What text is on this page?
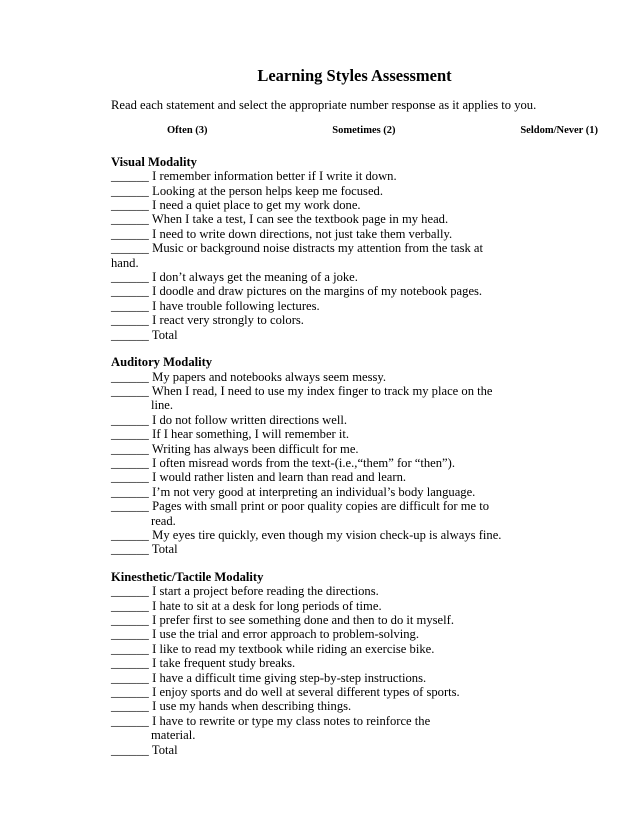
Learning Styles Assessment
Read each statement and select the appropriate number response as it applies to you.
Often (3)	Sometimes (2)	Seldom/Never (1)
Visual Modality
______ I remember information better if I write it down.
______ Looking at the person helps keep me focused.
______ I need a quiet place to get my work done.
______ When I take a test, I can see the textbook page in my head.
______ I need to write down directions, not just take them verbally.
______ Music or background noise distracts my attention from the task at
hand.
______ I don’t always get the meaning of a joke.
______ I doodle and draw pictures on the margins of my notebook pages.
______ I have trouble following lectures.
______ I react very strongly to colors.
______ Total
Auditory Modality
______ My papers and notebooks always seem messy.
______ When I read, I need to use my index finger to track my place on the
line.
______ I do not follow written directions well.
______ If I hear something, I will remember it.
______ Writing has always been difficult for me.
______ I often misread words from the text-(i.e.,“them” for “then”).
______ I would rather listen and learn than read and learn.
______ I’m not very good at interpreting an individual’s body language.
______ Pages with small print or poor quality copies are difficult for me to
read.
______ My eyes tire quickly, even though my vision check-up is always fine.
______ Total
Kinesthetic/Tactile Modality
______ I start a project before reading the directions.
______ I hate to sit at a desk for long periods of time.
______ I prefer first to see something done and then to do it myself.
______ I use the trial and error approach to problem-solving.
______ I like to read my textbook while riding an exercise bike.
______ I take frequent study breaks.
______ I have a difficult time giving step-by-step instructions.
______ I enjoy sports and do well at several different types of sports.
______ I use my hands when describing things.
______ I have to rewrite or type my class notes to reinforce the
material.
______ Total
